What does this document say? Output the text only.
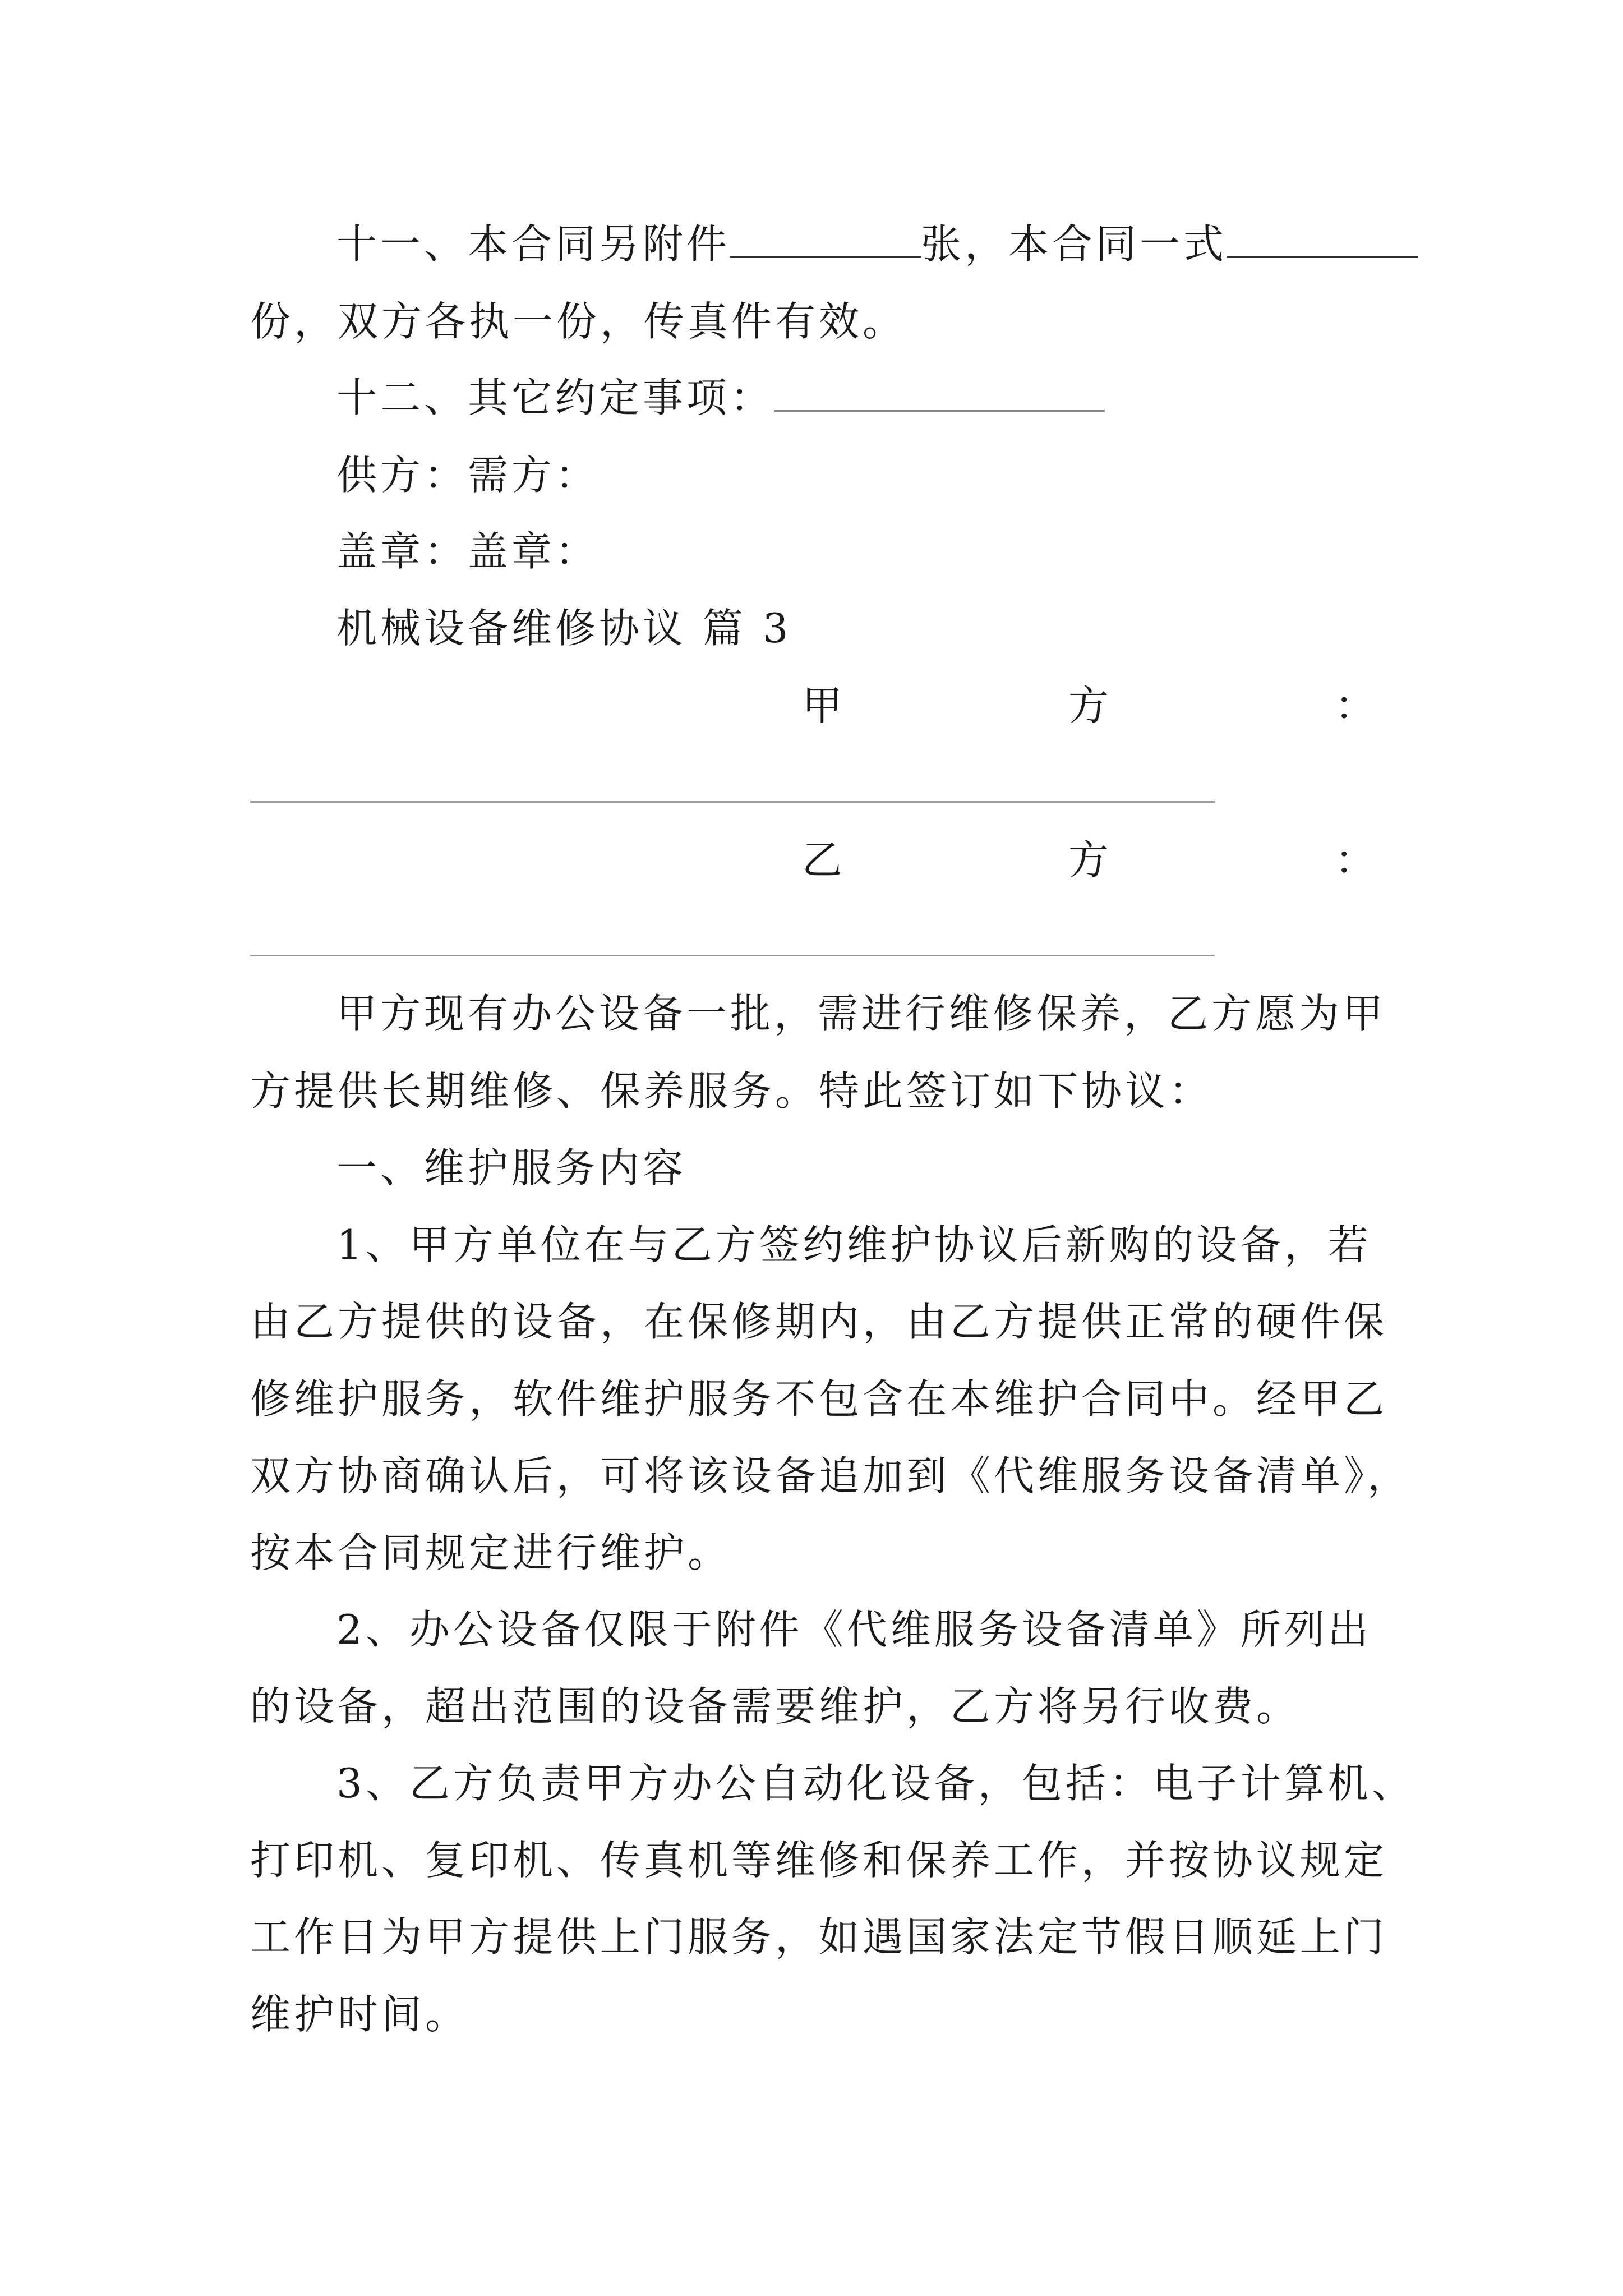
十一、本合同另附件	张，本合同一式
份，双方各执一份，传真件有效。
十二、其它约定事项：
供方：需方：
盖章：盖章：
机械设备维修协议 篇 3
甲	方	：
乙	方	：
甲方现有办公设备一批，需进行维修保养，乙方愿为甲
方提供长期维修、保养服务。特此签订如下协议：
一、维护服务内容
1、甲方单位在与乙方签约维护协议后新购的设备，若
由乙方提供的设备，在保修期内，由乙方提供正常的硬件保
修维护服务，软件维护服务不包含在本维护合同中。经甲乙
双方协商确认后，可将该设备追加到《代维服务设备清单》，
按本合同规定进行维护。
2、办公设备仅限于附件《代维服务设备清单》所列出
的设备，超出范围的设备需要维护，乙方将另行收费。
3、乙方负责甲方办公自动化设备，包括：电子计算机、
打印机、复印机、传真机等维修和保养工作，并按协议规定
工作日为甲方提供上门服务，如遇国家法定节假日顺延上门
维护时间。
